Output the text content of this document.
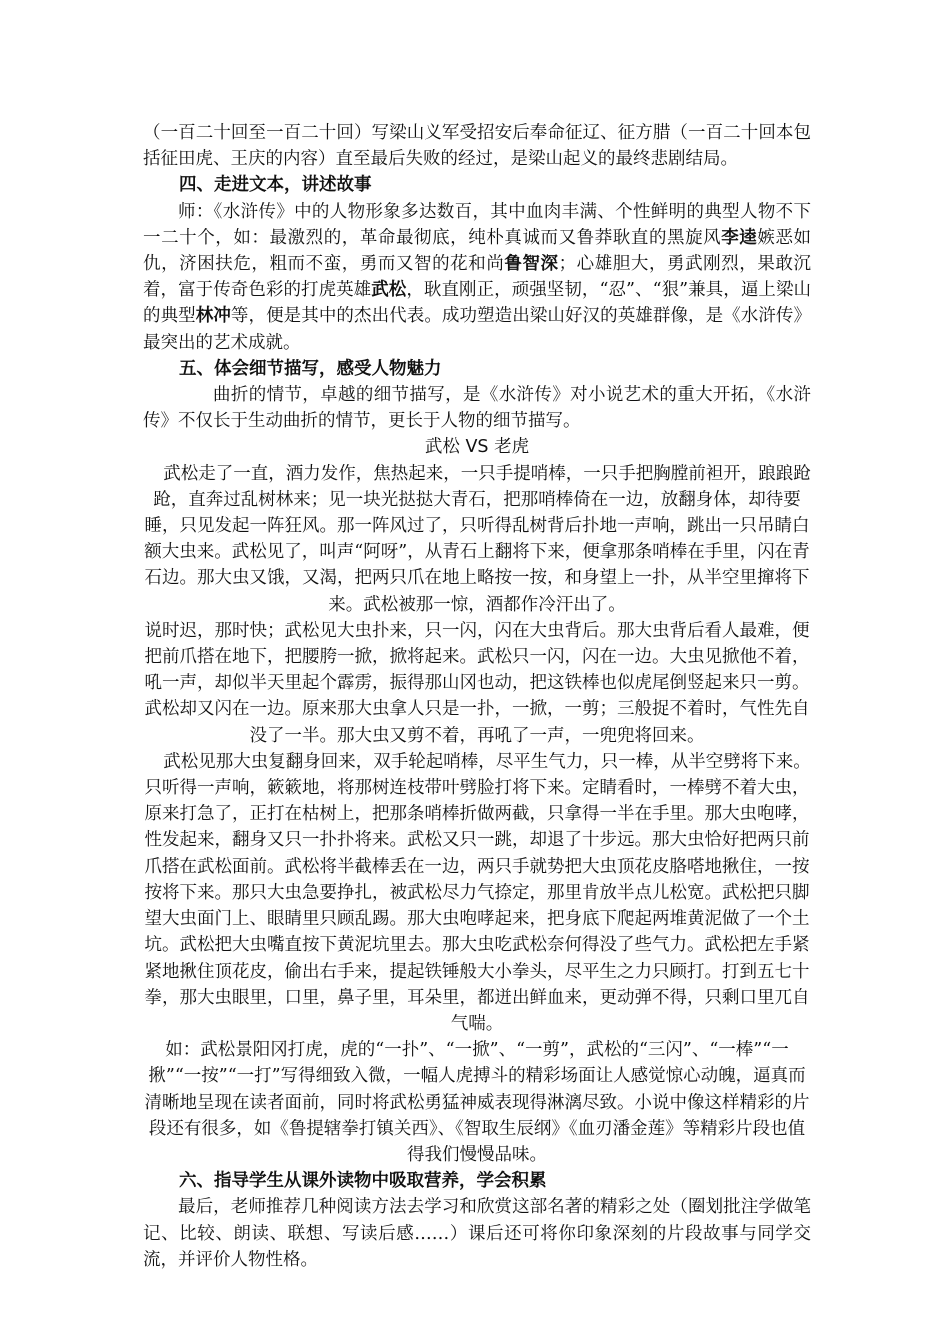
（一百二十回至一百二十回）写梁山义军受招安后奉命征辽、征方腊（一百二十回本包括征田虎、王庆的内容）直至最后失败的经过，是梁山起义的最终悲剧结局。

四、走进文本，讲述故事

师：《水浒传》中的人物形象多达数百，其中血肉丰满、个性鲜明的典型人物不下一二十个，如：最激烈的，革命最彻底，纯朴真诚而又鲁莽耿直的黑旋风李逵嫉恶如仇，济困扶危，粗而不蛮，勇而又智的花和尚鲁智深；心雄胆大，勇武刚烈，果敢沉着，富于传奇色彩的打虎英雄武松，耿直刚正，顽强坚韧，“忍”、“狠”兼具，逼上梁山的典型林冲等，便是其中的杰出代表。成功塑造出梁山好汉的英雄群像，是《水浒传》最突出的艺术成就。

五、体会细节描写，感受人物魅力

曲折的情节，卓越的细节描写，是《水浒传》对小说艺术的重大开拓，《水浒传》不仅长于生动曲折的情节，更长于人物的细节描写。

武松 VS 老虎

武松走了一直，酒力发作，焦热起来，一只手提哨棒，一只手把胸膛前袒开，踉踉跄跄，直奔过乱树林来；见一块光挞挞大青石，把那哨棒倚在一边，放翻身体，却待要睡，只见发起一阵狂风。那一阵风过了，只听得乱树背后扑地一声响，跳出一只吊睛白额大虫来。武松见了，叫声“阿呀”，从青石上翻将下来，便拿那条哨棒在手里，闪在青石边。那大虫又饿，又渴，把两只爪在地上略按一按，和身望上一扑，从半空里撺将下来。武松被那一惊，酒都作冷汗出了。

说时迟，那时快；武松见大虫扑来，只一闪，闪在大虫背后。那大虫背后看人最难，便把前爪搭在地下，把腰胯一掀，掀将起来。武松只一闪，闪在一边。大虫见掀他不着，吼一声，却似半天里起个霹雳，振得那山冈也动，把这铁棒也似虎尾倒竖起来只一剪。武松却又闪在一边。原来那大虫拿人只是一扑，一掀，一剪；三般捉不着时，气性先自没了一半。那大虫又剪不着，再吼了一声，一兜兜将回来。

武松见那大虫复翻身回来，双手轮起哨棒，尽平生气力，只一棒，从半空劈将下来。只听得一声响，簌簌地，将那树连枝带叶劈脸打将下来。定睛看时，一棒劈不着大虫，原来打急了，正打在枯树上，把那条哨棒折做两截，只拿得一半在手里。那大虫咆哮，性发起来，翻身又只一扑扑将来。武松又只一跳，却退了十步远。那大虫恰好把两只前爪搭在武松面前。武松将半截棒丢在一边，两只手就势把大虫顶花皮胳嗒地揪住，一按按将下来。那只大虫急要挣扎，被武松尽力气捺定，那里肯放半点儿松宽。武松把只脚望大虫面门上、眼睛里只顾乱踢。那大虫咆哮起来，把身底下爬起两堆黄泥做了一个土坑。武松把大虫嘴直按下黄泥坑里去。那大虫吃武松奈何得没了些气力。武松把左手紧紧地揪住顶花皮，偷出右手来，提起铁锤般大小拳头，尽平生之力只顾打。打到五七十拳，那大虫眼里，口里，鼻子里，耳朵里，都迸出鲜血来，更动弹不得，只剩口里兀自气喘。

如：武松景阳冈打虎，虎的“一扑”、“一掀”、“一剪”，武松的“三闪”、“一棒”“一揪”“一按”“一打”写得细致入微，一幅人虎搏斗的精彩场面让人感觉惊心动魄，逼真而清晰地呈现在读者面前，同时将武松勇猛神威表现得淋漓尽致。小说中像这样精彩的片段还有很多，如《鲁提辖拳打镇关西》、《智取生辰纲》《血刃潘金莲》等精彩片段也值得我们慢慢品味。

六、指导学生从课外读物中吸取营养，学会积累

最后，老师推荐几种阅读方法去学习和欣赏这部名著的精彩之处（圈划批注学做笔记、比较、朗读、联想、写读后感……）课后还可将你印象深刻的片段故事与同学交流，并评价人物性格。
